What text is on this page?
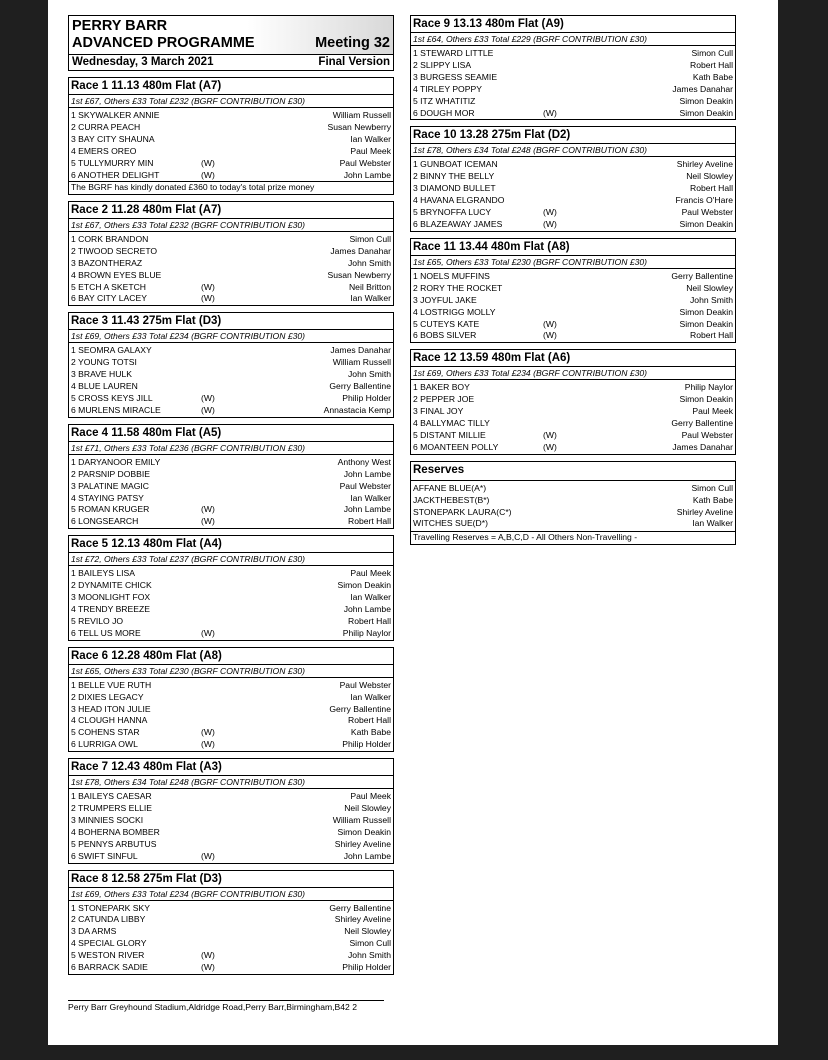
PERRY BARR
ADVANCED PROGRAMME	Meeting 32
Wednesday, 3 March 2021	Final Version
Race 1 11.13 480m Flat (A7)
1st £67, Others £33 Total £232 (BGRF CONTRIBUTION £30)
1 SKYWALKER ANNIE	William Russell
2 CURRA PEACH	Susan Newberry
3 BAY CITY SHAUNA	Ian Walker
4 EMERS OREO	Paul Meek
5 TULLYMURRY MIN	(W)	Paul Webster
6 ANOTHER DELIGHT	(W)	John Lambe
The BGRF has kindly donated £360 to today's total prize money
Race 2 11.28 480m Flat (A7)
1st £67, Others £33 Total £232 (BGRF CONTRIBUTION £30)
1 CORK BRANDON	Simon Cull
2 TIWOOD SECRETO	James Danahar
3 BAZONTHERAZ	John Smith
4 BROWN EYES BLUE	Susan Newberry
5 ETCH A SKETCH	(W)	Neil Britton
6 BAY CITY LACEY	(W)	Ian Walker
Race 3 11.43 275m Flat (D3)
1st £69, Others £33 Total £234 (BGRF CONTRIBUTION £30)
1 SEOMRA GALAXY	James Danahar
2 YOUNG TOTSI	William Russell
3 BRAVE HULK	John Smith
4 BLUE LAUREN	Gerry Ballentine
5 CROSS KEYS JILL	(W)	Philip Holder
6 MURLENS MIRACLE	(W)	Annastacia Kemp
Race 4 11.58 480m Flat (A5)
1st £71, Others £33 Total £236 (BGRF CONTRIBUTION £30)
1 DARYANOOR EMILY	Anthony West
2 PARSNIP DOBBIE	John Lambe
3 PALATINE MAGIC	Paul Webster
4 STAYING PATSY	Ian Walker
5 ROMAN KRUGER	(W)	John Lambe
6 LONGSEARCH	(W)	Robert Hall
Race 5 12.13 480m Flat (A4)
1st £72, Others £33 Total £237 (BGRF CONTRIBUTION £30)
1 BAILEYS LISA	Paul Meek
2 DYNAMITE CHICK	Simon Deakin
3 MOONLIGHT FOX	Ian Walker
4 TRENDY BREEZE	John Lambe
5 REVILO JO	Robert Hall
6 TELL US MORE	(W)	Philip Naylor
Race 6 12.28 480m Flat (A8)
1st £65, Others £33 Total £230 (BGRF CONTRIBUTION £30)
1 BELLE VUE RUTH	Paul Webster
2 DIXIES LEGACY	Ian Walker
3 HEAD ITON JULIE	Gerry Ballentine
4 CLOUGH HANNA	Robert Hall
5 COHENS STAR	(W)	Kath Babe
6 LURRIGA OWL	(W)	Philip Holder
Race 7 12.43 480m Flat (A3)
1st £78, Others £34 Total £248 (BGRF CONTRIBUTION £30)
1 BAILEYS CAESAR	Paul Meek
2 TRUMPERS ELLIE	Neil Slowley
3 MINNIES SOCKI	William Russell
4 BOHERNA BOMBER	Simon Deakin
5 PENNYS ARBUTUS	Shirley Aveline
6 SWIFT SINFUL	(W)	John Lambe
Race 8 12.58 275m Flat (D3)
1st £69, Others £33 Total £234 (BGRF CONTRIBUTION £30)
1 STONEPARK SKY	Gerry Ballentine
2 CATUNDA LIBBY	Shirley Aveline
3 DA ARMS	Neil Slowley
4 SPECIAL GLORY	Simon Cull
5 WESTON RIVER	(W)	John Smith
6 BARRACK SADIE	(W)	Philip Holder
Race 9 13.13 480m Flat (A9)
1st £64, Others £33 Total £229 (BGRF CONTRIBUTION £30)
1 STEWARD LITTLE	Simon Cull
2 SLIPPY LISA	Robert Hall
3 BURGESS SEAMIE	Kath Babe
4 TIRLEY POPPY	James Danahar
5 ITZ WHATITIZ	Simon Deakin
6 DOUGH MOR	(W)	Simon Deakin
Race 10 13.28 275m Flat (D2)
1st £78, Others £34 Total £248 (BGRF CONTRIBUTION £30)
1 GUNBOAT ICEMAN	Shirley Aveline
2 BINNY THE BELLY	Neil Slowley
3 DIAMOND BULLET	Robert Hall
4 HAVANA ELGRANDO	Francis O'Hare
5 BRYNOFFA LUCY	(W)	Paul Webster
6 BLAZEAWAY JAMES	(W)	Simon Deakin
Race 11 13.44 480m Flat (A8)
1st £65, Others £33 Total £230 (BGRF CONTRIBUTION £30)
1 NOELS MUFFINS	Gerry Ballentine
2 RORY THE ROCKET	Neil Slowley
3 JOYFUL JAKE	John Smith
4 LOSTRIGG MOLLY	Simon Deakin
5 CUTEYS KATE	(W)	Simon Deakin
6 BOBS SILVER	(W)	Robert Hall
Race 12 13.59 480m Flat (A6)
1st £69, Others £33 Total £234 (BGRF CONTRIBUTION £30)
1 BAKER BOY	Philip Naylor
2 PEPPER JOE	Simon Deakin
3 FINAL JOY	Paul Meek
4 BALLYMAC TILLY	Gerry Ballentine
5 DISTANT MILLIE	(W)	Paul Webster
6 MOANTEEN POLLY	(W)	James Danahar
Reserves
AFFANE BLUE(A*)	Simon Cull
JACKTHEBEST(B*)	Kath Babe
STONEPARK LAURA(C*)	Shirley Aveline
WITCHES SUE(D*)	Ian Walker
Travelling Reserves = A,B,C,D - All Others Non-Travelling -
Perry Barr Greyhound Stadium,Aldridge Road,Perry Barr,Birmingham,B42 2
